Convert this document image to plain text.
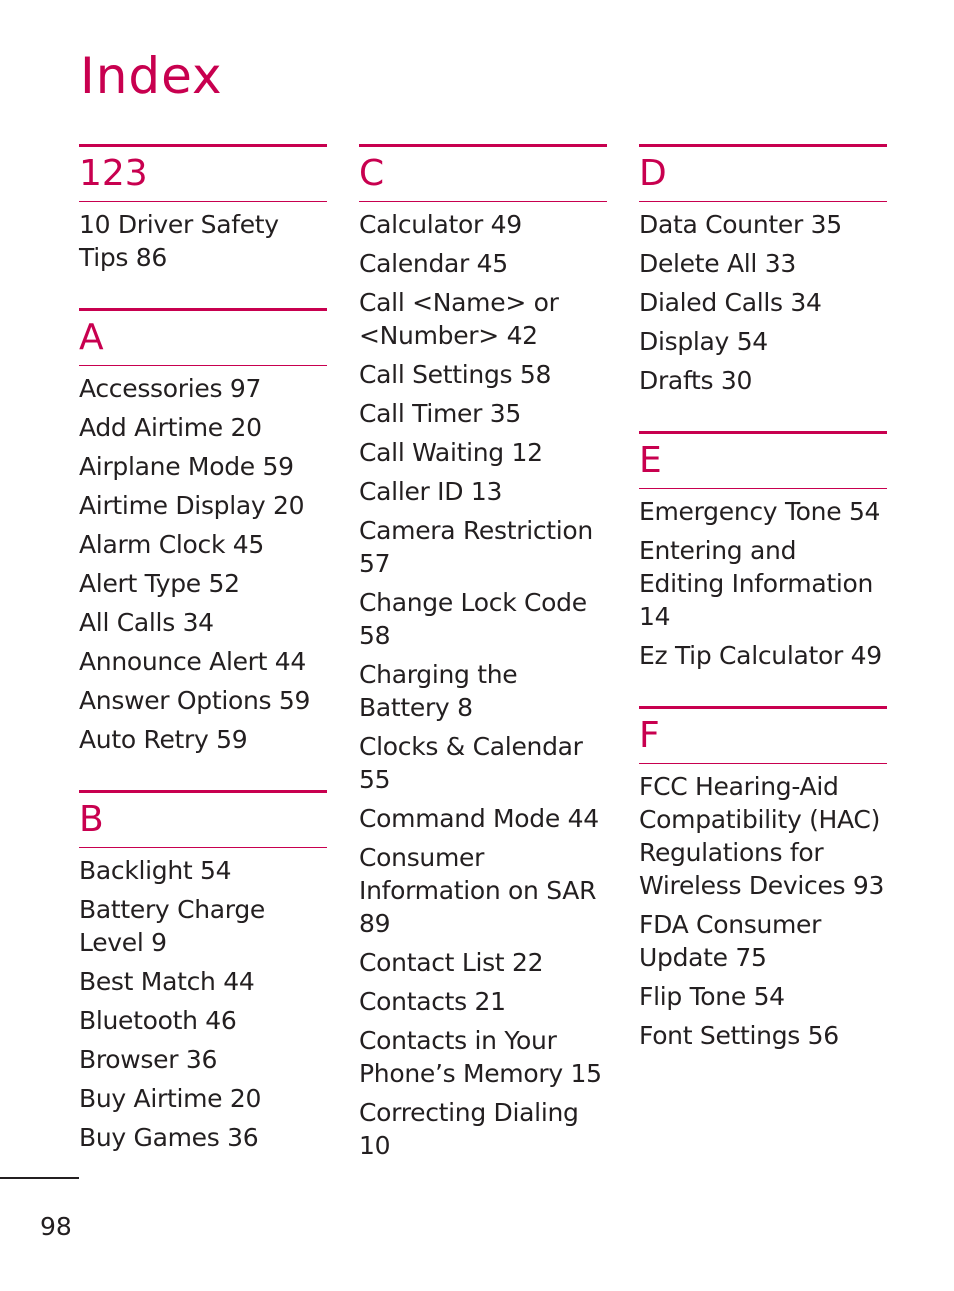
Index
123
10 Driver Safety Tips 86
A
Accessories 97
Add Airtime 20
Airplane Mode 59
Airtime Display 20
Alarm Clock 45
Alert Type 52
All Calls 34
Announce Alert 44
Answer Options 59
Auto Retry 59
B
Backlight 54
Battery Charge Level 9
Best Match 44
Bluetooth 46
Browser 36
Buy Airtime 20
Buy Games 36
C
Calculator 49
Calendar 45
Call <Name> or <Number> 42
Call Settings 58
Call Timer 35
Call Waiting 12
Caller ID 13
Camera Restriction 57
Change Lock Code 58
Charging the Battery 8
Clocks & Calendar 55
Command Mode 44
Consumer Information on SAR 89
Contact List 22
Contacts 21
Contacts in Your Phone’s Memory 15
Correcting Dialing 10
D
Data Counter 35
Delete All 33
Dialed Calls 34
Display 54
Drafts 30
E
Emergency Tone 54
Entering and Editing Information 14
Ez Tip Calculator 49
F
FCC Hearing-Aid Compatibility (HAC) Regulations for Wireless Devices 93
FDA Consumer Update 75
Flip Tone 54
Font Settings 56
98
